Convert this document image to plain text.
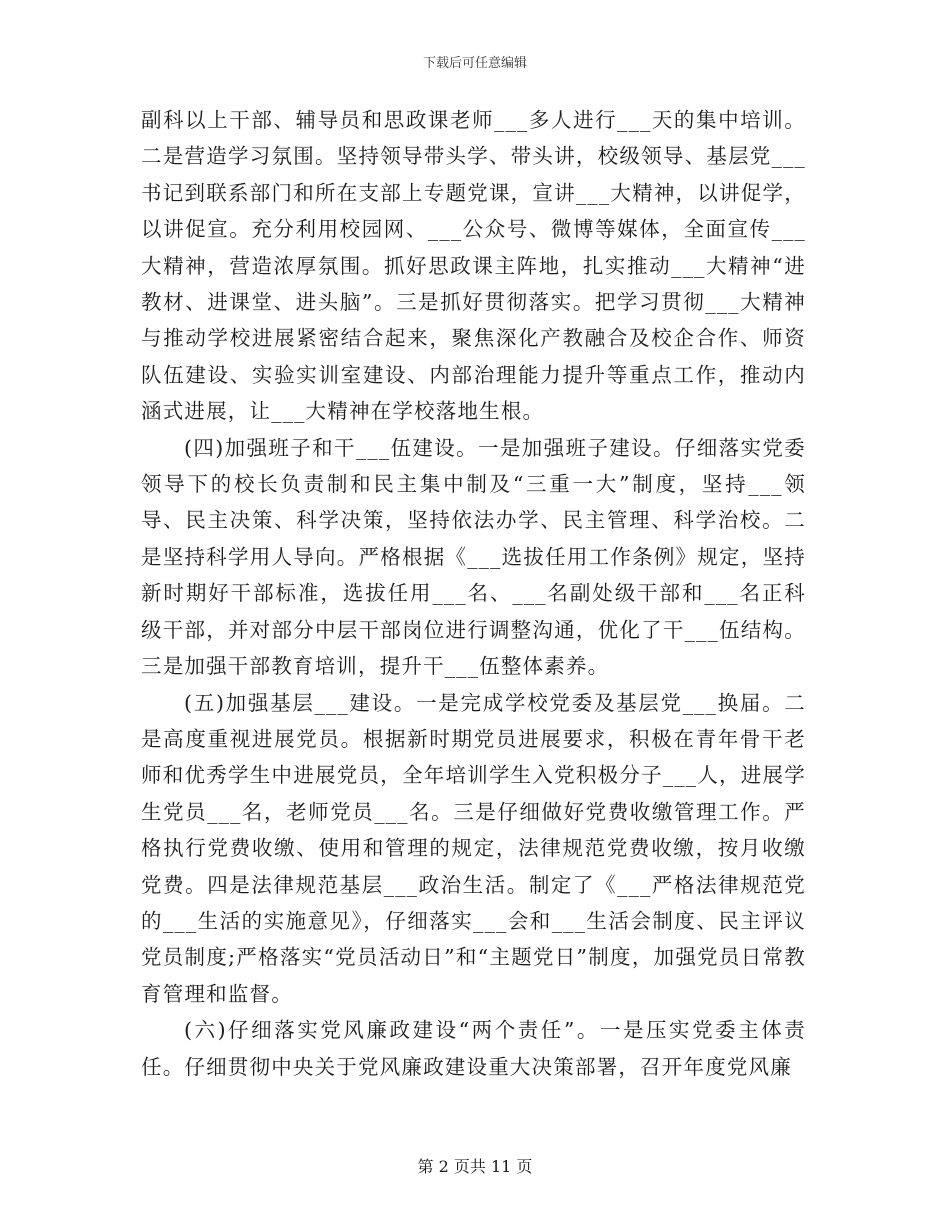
下载后可任意编辑

副科以上干部、辅导员和思政课老师___多人进行___天的集中培训。二是营造学习氛围。坚持领导带头学、带头讲，校级领导、基层党___书记到联系部门和所在支部上专题党课，宣讲___大精神，以讲促学，以讲促宣。充分利用校园网、___公众号、微博等媒体，全面宣传___大精神，营造浓厚氛围。抓好思政课主阵地，扎实推动___大精神“进教材、进课堂、进头脑”。三是抓好贯彻落实。把学习贯彻___大精神与推动学校进展紧密结合起来，聚焦深化产教融合及校企合作、师资队伍建设、实验实训室建设、内部治理能力提升等重点工作，推动内涵式进展，让___大精神在学校落地生根。

(四)加强班子和干___伍建设。一是加强班子建设。仔细落实党委领导下的校长负责制和民主集中制及“三重一大”制度，坚持___领导、民主决策、科学决策，坚持依法办学、民主管理、科学治校。二是坚持科学用人导向。严格根据《___选拔任用工作条例》规定，坚持新时期好干部标准，选拔任用___名、___名副处级干部和___名正科级干部，并对部分中层干部岗位进行调整沟通，优化了干___伍结构。三是加强干部教育培训，提升干___伍整体素养。

(五)加强基层___建设。一是完成学校党委及基层党___换届。二是高度重视进展党员。根据新时期党员进展要求，积极在青年骨干老师和优秀学生中进展党员，全年培训学生入党积极分子___人，进展学生党员___名，老师党员___名。三是仔细做好党费收缴管理工作。严格执行党费收缴、使用和管理的规定，法律规范党费收缴，按月收缴党费。四是法律规范基层___政治生活。制定了《___严格法律规范党的___生活的实施意见》，仔细落实___会和___生活会制度、民主评议党员制度;严格落实“党员活动日”和“主题党日”制度，加强党员日常教育管理和监督。

(六)仔细落实党风廉政建设“两个责任”。一是压实党委主体责任。仔细贯彻中央关于党风廉政建设重大决策部署，召开年度党风廉

第 2 页共 11 页
